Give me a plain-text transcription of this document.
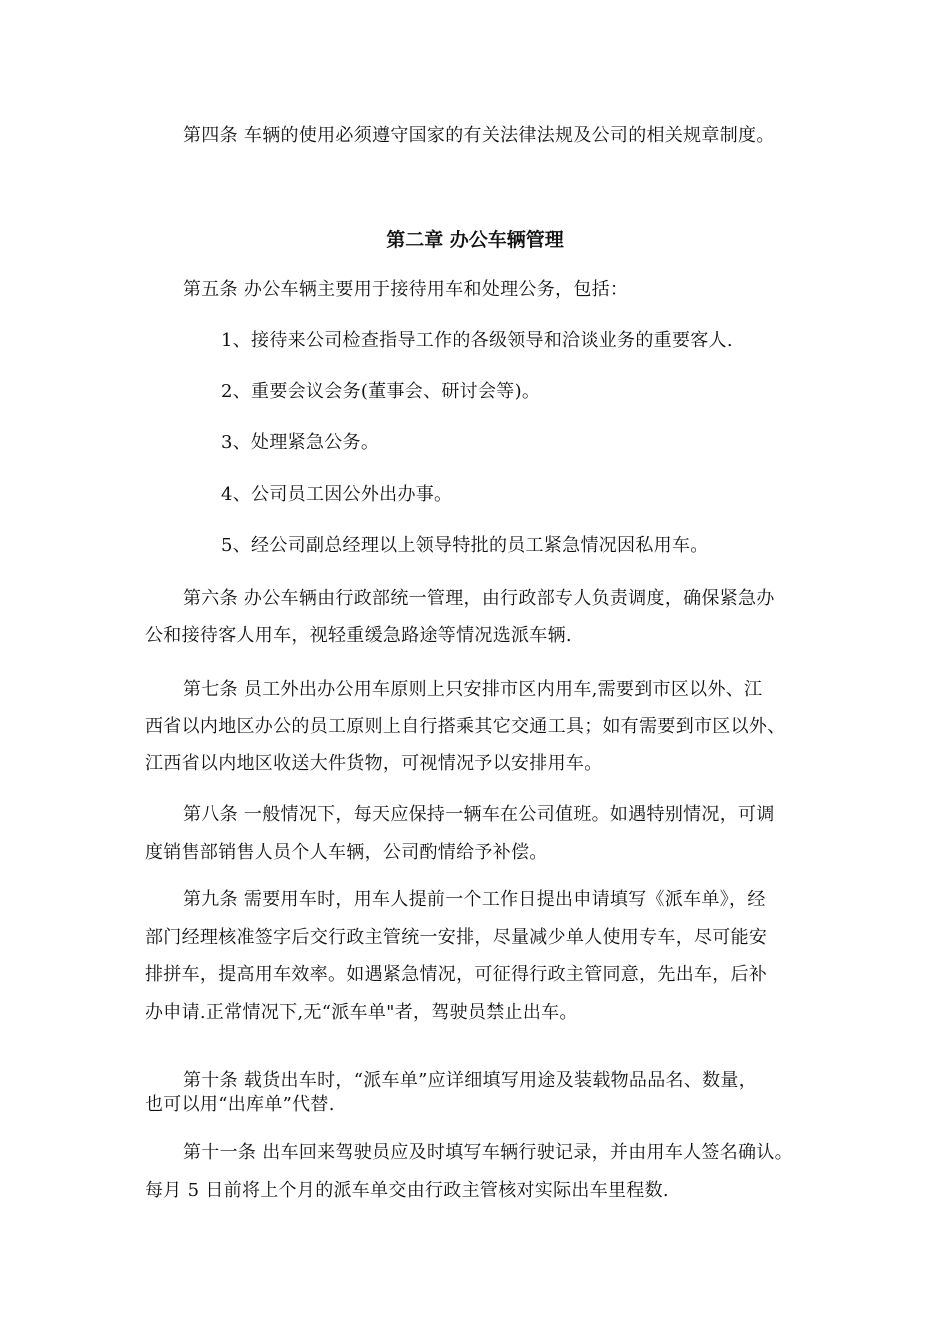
第四条 车辆的使用必须遵守国家的有关法律法规及公司的相关规章制度。
第二章 办公车辆管理
第五条 办公车辆主要用于接待用车和处理公务，包括：
1、接待来公司检查指导工作的各级领导和洽谈业务的重要客人.
2、重要会议会务(董事会、研讨会等)。
3、处理紧急公务。
4、公司员工因公外出办事。
5、经公司副总经理以上领导特批的员工紧急情况因私用车。
第六条 办公车辆由行政部统一管理，由行政部专人负责调度，确保紧急办
公和接待客人用车，视轻重缓急路途等情况选派车辆.
第七条 员工外出办公用车原则上只安排市区内用车,需要到市区以外、江
西省以内地区办公的员工原则上自行搭乘其它交通工具；如有需要到市区以外、
江西省以内地区收送大件货物，可视情况予以安排用车。
第八条 一般情况下，每天应保持一辆车在公司值班。如遇特别情况，可调
度销售部销售人员个人车辆，公司酌情给予补偿。
第九条 需要用车时，用车人提前一个工作日提出申请填写《派车单》，经
部门经理核准签字后交行政主管统一安排，尽量减少单人使用专车，尽可能安
排拼车，提高用车效率。如遇紧急情况，可征得行政主管同意，先出车，后补
办申请.正常情况下,无“派车单"者，驾驶员禁止出车。
第十条 载货出车时，“派车单”应详细填写用途及装载物品品名、数量，
也可以用“出库单”代替.
第十一条 出车回来驾驶员应及时填写车辆行驶记录，并由用车人签名确认。
每月 5 日前将上个月的派车单交由行政主管核对实际出车里程数.
